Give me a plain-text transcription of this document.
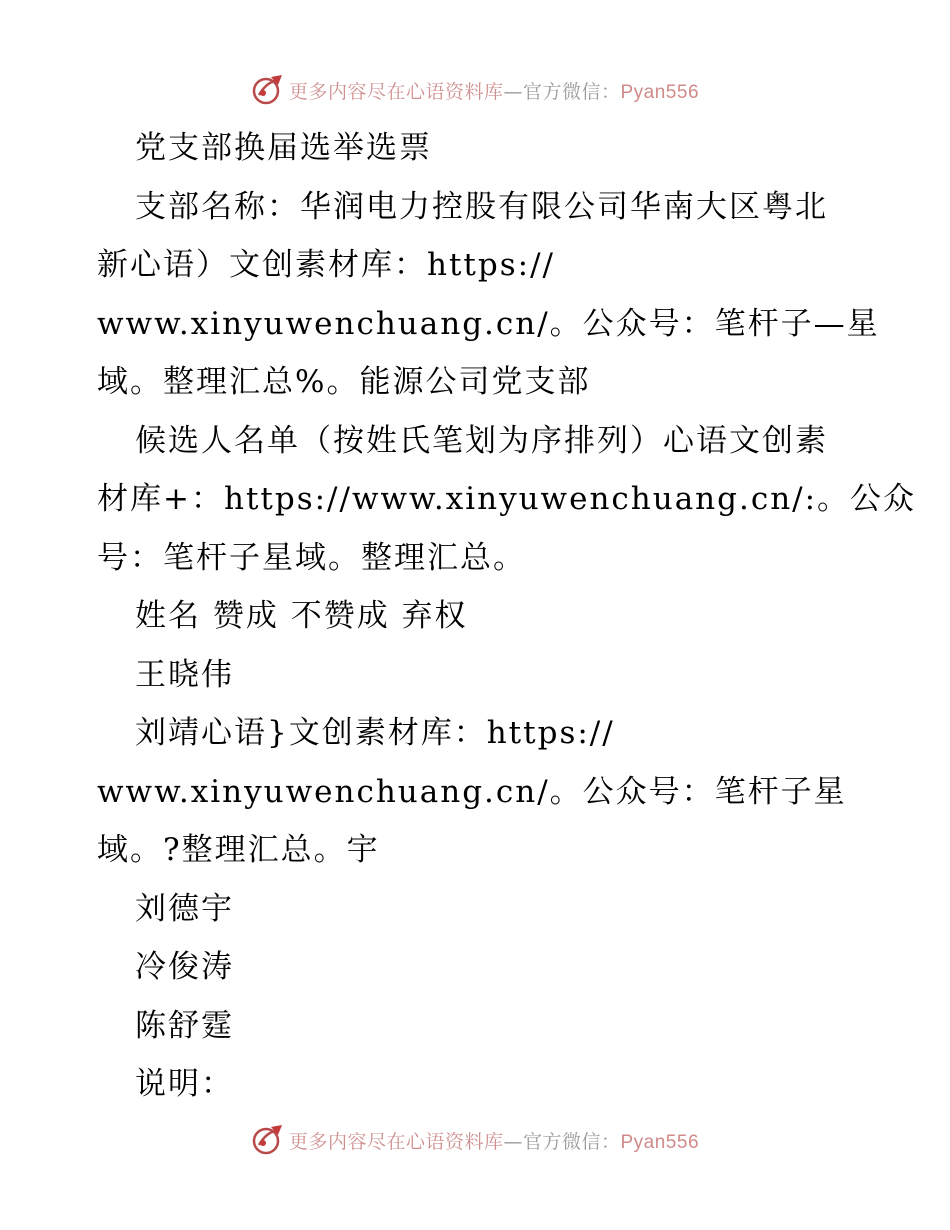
更多内容尽在心语资料库—官方微信：Pyan556
党支部换届选举选票
支部名称：华润电力控股有限公司华南大区粤北
新心语）文创素材库：https://
www.xinyuwenchuang.cn/。公众号：笔杆子—星
域。整理汇总%。能源公司党支部
候选人名单（按姓氏笔划为序排列）心语文创素
材库+：https://www.xinyuwenchuang.cn/:。公众
号：笔杆子星域。整理汇总。
姓名 赞成 不赞成 弃权
王晓伟
刘靖心语}文创素材库：https://
www.xinyuwenchuang.cn/。公众号：笔杆子星
域。?整理汇总。宇
刘德宇
冷俊涛
陈舒霆
说明：
更多内容尽在心语资料库—官方微信：Pyan556
